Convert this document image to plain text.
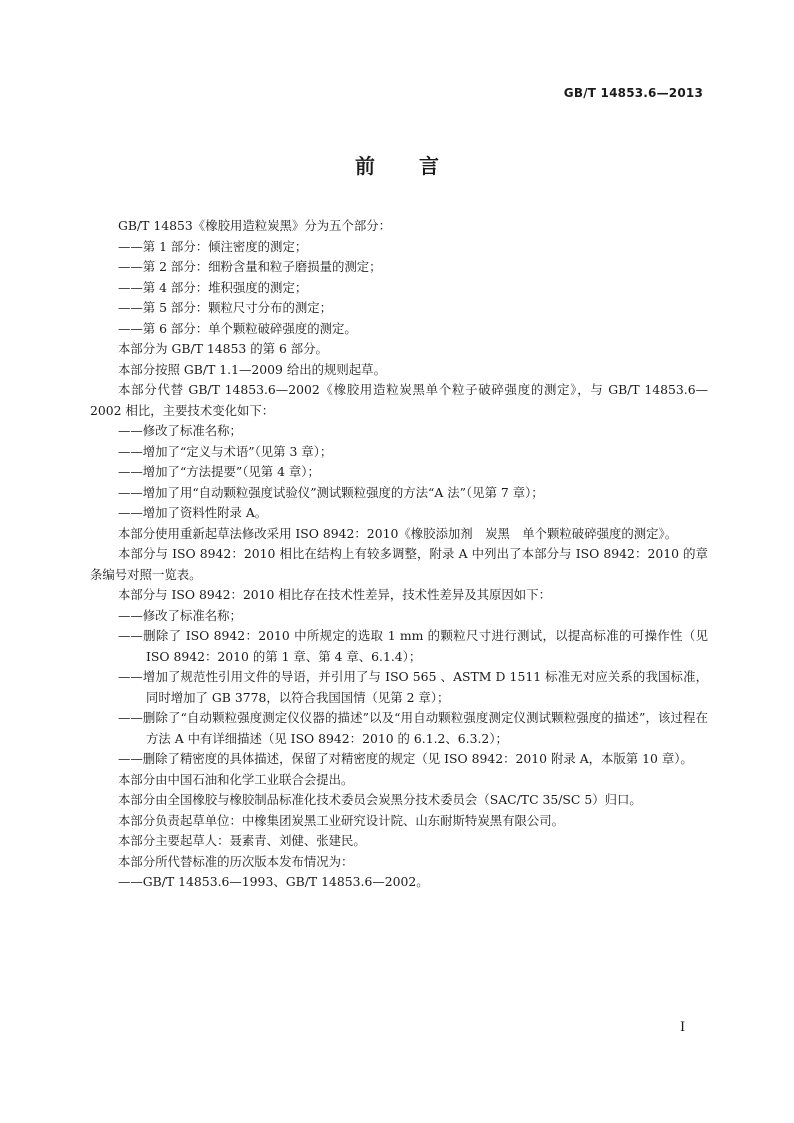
GB/T 14853.6—2013
前言

GB/T 14853《橡胶用造粒炭黑》分为五个部分：

——第 1 部分：倾注密度的测定；

——第 2 部分：细粉含量和粒子磨损量的测定；

——第 4 部分：堆积强度的测定；

——第 5 部分：颗粒尺寸分布的测定；

——第 6 部分：单个颗粒破碎强度的测定。

本部分为 GB/T 14853 的第 6 部分。

本部分按照 GB/T 1.1—2009 给出的规则起草。

本部分代替 GB/T 14853.6—2002《橡胶用造粒炭黑单个粒子破碎强度的测定》，与 GB/T 14853.6—2002 相比，主要技术变化如下：

——修改了标准名称；

——增加了“定义与术语”（见第 3 章）；

——增加了“方法提要”（见第 4 章）；

——增加了用“自动颗粒强度试验仪”测试颗粒强度的方法“A 法”（见第 7 章）；

——增加了资料性附录 A。

本部分使用重新起草法修改采用 ISO 8942：2010《橡胶添加剂　炭黑　单个颗粒破碎强度的测定》。

本部分与 ISO 8942：2010 相比在结构上有较多调整，附录 A 中列出了本部分与 ISO 8942：2010 的章条编号对照一览表。

本部分与 ISO 8942：2010 相比存在技术性差异，技术性差异及其原因如下：

——修改了标准名称；

——删除了 ISO 8942：2010 中所规定的选取 1 mm 的颗粒尺寸进行测试，以提高标准的可操作性（见 ISO 8942：2010 的第 1 章、第 4 章、6.1.4）；

——增加了规范性引用文件的导语，并引用了与 ISO 565 、ASTM D 1511 标准无对应关系的我国标准，同时增加了 GB 3778，以符合我国国情（见第 2 章）；

——删除了“自动颗粒强度测定仪仪器的描述”以及“用自动颗粒强度测定仪测试颗粒强度的描述”，该过程在方法 A 中有详细描述（见 ISO 8942：2010 的 6.1.2、6.3.2）；

——删除了精密度的具体描述，保留了对精密度的规定（见 ISO 8942：2010 附录 A，本版第 10 章）。

本部分由中国石油和化学工业联合会提出。

本部分由全国橡胶与橡胶制品标准化技术委员会炭黑分技术委员会（SAC/TC 35/SC 5）归口。

本部分负责起草单位：中橡集团炭黑工业研究设计院、山东耐斯特炭黑有限公司。

本部分主要起草人：聂素青、刘健、张建民。

本部分所代替标准的历次版本发布情况为：

——GB/T 14853.6—1993、GB/T 14853.6—2002。

I
